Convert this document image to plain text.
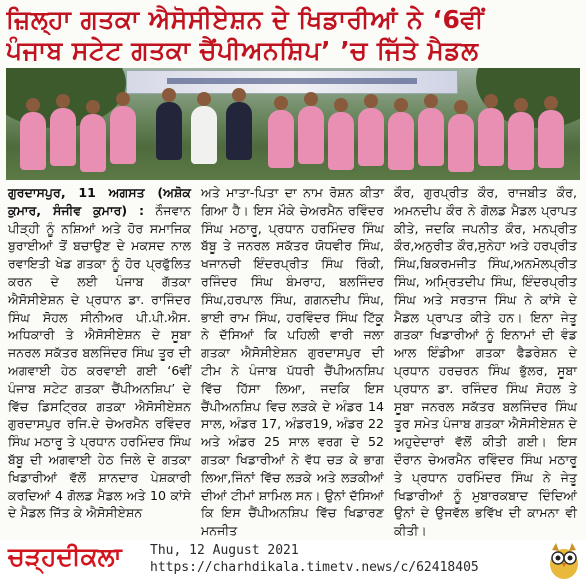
ਜ਼ਿਲ੍ਹਾ ਗਤਕਾ ਐਸੋਸੀਏਸ਼ਨ ਦੇ ਖਿਡਾਰੀਆਂ ਨੇ ‘6ਵੀਂ
ਪੰਜਾਬ ਸਟੇਟ ਗਤਕਾ ਚੈਂਪੀਅਨਸ਼ਿਪ’ ’ਚ ਜਿੱਤੇ ਮੈਡਲ
ਗੁਰਦਾਸਪੁਰ, 11 ਅਗਸਤ (ਅਸ਼ੋਕ ਕੁਮਾਰ, ਸੰਜੀਵ ਕੁਮਾਰ) : ਨੌਜਵਾਨ ਪੀੜ੍ਹੀ ਨੂੰ ਨਸ਼ਿਆਂ ਅਤੇ ਹੋਰ ਸਮਾਜਿਕ ਬੁਰਾਈਆਂ ਤੋਂ ਬਚਾਉਣ ਦੇ ਮਕਸਦ ਨਾਲ ਰਵਾਇਤੀ ਖੇਡ ਗਤਕਾ ਨੂੰ ਹੋਰ ਪ੍ਰਫੁੱਲਿਤ ਕਰਨ ਦੇ ਲਈ ਪੰਜਾਬ ਗੱਤਕਾ ਐਸੋਸੀਏਸ਼ਨ ਦੇ ਪ੍ਰਧਾਨ ਡਾ. ਰਾਜਿੰਦਰ ਸਿੰਘ ਸੋਹਲ ਸੀਨੀਅਰ ਪੀ.ਪੀ.ਐਸ. ਅਧਿਕਾਰੀ ਤੇ ਐਸੋਸੀਏਸ਼ਨ ਦੇ ਸੂਬਾ ਜਨਰਲ ਸਕੱਤਰ ਬਲਜਿੰਦਰ ਸਿੰਘ ਤੂਰ ਦੀ ਅਗਵਾਈ ਹੇਠ ਕਰਵਾਈ ਗਈ ‘6ਵੀਂ ਪੰਜਾਬ ਸਟੇਟ ਗਤਕਾ ਚੈਂਪੀਅਨਸ਼ਿਪ’ ਦੇ ਵਿੱਚ ਡਿਸਟ੍ਰਿਕ ਗਤਕਾ ਐਸੋਸੀਏਸ਼ਨ ਗੁਰਦਾਸਪੁਰ ਰਜਿ.ਦੇ ਚੇਅਰਮੈਨ ਰਵਿੰਦਰ ਸਿੰਘ ਮਠਾਰੂ ਤੇ ਪ੍ਰਧਾਨ ਹਰਮਿੰਦਰ ਸਿੰਘ ਬੱਬੂ ਦੀ ਅਗਵਾਈ ਹੇਠ ਜਿਲੇ ਦੇ ਗਤਕਾ ਖਿਡਾਰੀਆਂ ਵੱਲੋਂ ਸ਼ਾਨਦਾਰ ਪੇਸ਼ਕਾਰੀ ਕਰਦਿਆਂ 4 ਗੋਲਡ ਮੈਡਲ ਅਤੇ 10 ਕਾਂਸੇ ਦੇ ਮੈਡਲ ਜਿੱਤ ਕੇ ਐਸੋਸੀਏਸ਼ਨ
ਅਤੇ ਮਾਤਾ-ਪਿਤਾ ਦਾ ਨਾਮ ਰੋਸ਼ਨ ਕੀਤਾ ਗਿਆ ਹੈ। ਇਸ ਮੌਕੇ ਚੇਅਰਮੈਨ ਰਵਿੰਦਰ ਸਿੰਘ ਮਠਾਰੂ, ਪ੍ਰਧਾਨ ਹਰਮਿੰਦਰ ਸਿੰਘ ਬੱਬੂ ਤੇ ਜਨਰਲ ਸਕੱਤਰ ਯੋਧਵੀਰ ਸਿੰਘ, ਖਜਾਨਚੀ ਇੰਦਰਪ੍ਰੀਤ ਸਿੰਘ ਰਿੰਕੀ, ਰਜਿੰਦਰ ਸਿੰਘ ਬੰਮਰਾਹ, ਬਲਜਿੰਦਰ ਸਿੰਘ,ਹਰਪਾਲ ਸਿੰਘ, ਗਗਨਦੀਪ ਸਿੰਘ, ਭਾਈ ਰਾਮ ਸਿੰਘ, ਹਰਵਿੰਦਰ ਸਿੰਘ ਟਿੱਕੂ ਨੇ ਦੱਸਿਆਂ ਕਿ ਪਹਿਲੀ ਵਾਰੀ ਜਲਾ ਗਤਕਾ ਐਸੋਸੀਏਸ਼ਨ ਗੁਰਦਾਸਪੁਰ ਦੀ ਟੀਮ ਨੇ ਪੰਜਾਬ ਪੱਧਰੀ ਚੈਂਪੀਅਨਸ਼ਿਪ ਵਿੱਚ ਹਿੱਸਾ ਲਿਆ, ਜਦਕਿ ਇਸ ਚੈਂਪੀਅਨਸ਼ਿਪ ਵਿਚ ਲੜਕੇ ਦੇ ਅੰਡਰ 14 ਸਾਲ, ਅੰਡਰ 17, ਅੰਡਰ19, ਅੰਡਰ 22 ਅਤੇ ਅੰਡਰ 25 ਸਾਲ ਵਰਗ ਦੇ 52 ਗਤਕਾ ਖਿਡਾਰੀਆਂ ਨੇ ਵੱਧ ਚੜ ਕੇ ਭਾਗ ਲਿਆ,ਜਿੰਨਾਂ ਵਿੱਚ ਲੜਕੇ ਅਤੇ ਲੜਕੀਆਂ ਦੀਆਂ ਟੀਮਾਂ ਸ਼ਾਮਿਲ ਸਨ। ਉਨਾਂ ਦੱਸਿਆਂ ਕਿ ਇਸ ਚੈਂਪੀਅਨਸ਼ਿਪ ਵਿੱਚ ਖਿਡਾਰਣ ਮਨਜੀਤ
ਕੌਰ, ਗੁਰਪ੍ਰੀਤ ਕੌਰ, ਰਾਜਬੀਤ ਕੌਰ, ਅਮਨਦੀਪ ਕੌਰ ਨੇ ਗੋਲਡ ਮੈਡਲ ਪ੍ਰਾਪਤ ਕੀਤੇ, ਜਦਕਿ ਜਪਨੀਤ ਕੌਰ, ਮਨਪ੍ਰੀਤ ਕੌਰ,ਅਨੁਰੀਤ ਕੌਰ,ਸੁਨੇਹਾ ਅਤੇ ਹਰਪ੍ਰੀਤ ਸਿੰਘ,ਬਿਕਰਮਜੀਤ ਸਿੰਘ,ਅਨਮੋਲਪ੍ਰੀਤ ਸਿੰਘ, ਅਮ੍ਰਿਤਦੀਪ ਸਿੰਘ, ਇੰਦਰਪ੍ਰੀਤ ਸਿੰਘ ਅਤੇ ਸਰਤਾਜ ਸਿੰਘ ਨੇ ਕਾਂਸੇ ਦੇ ਮੈਡਲ ਪ੍ਰਾਪਤ ਕੀਤੇ ਹਨ। ਇਨਾ ਜੇਤੂ ਗਤਕਾ ਖਿਡਾਰੀਆਂ ਨੂੰ ਇਨਾਮਾਂ ਦੀ ਵੰਡ ਆਲ ਇੰਡੀਆ ਗਤਕਾ ਫੈਡਰੇਸ਼ਨ ਦੇ ਪ੍ਰਧਾਨ ਹਰਚਰਨ ਸਿੰਘ ਭੁੱਲਰ, ਸੂਬਾ ਪ੍ਰਧਾਨ ਡਾ. ਰਜਿੰਦਰ ਸਿੰਘ ਸੋਹਲ ਤੇ ਸੂਬਾ ਜਨਰਲ ਸਕੱਤਰ ਬਲਜਿੰਦਰ ਸਿੰਘ ਤੂਰ ਸਮੇਤ ਪੰਜਾਬ ਗਤਕਾ ਐਸੋਸੀਏਸ਼ਨ ਦੇ ਅਹੁਦੇਦਾਰਾਂ ਵੱਲੋਂ ਕੀਤੀ ਗਈ। ਇਸ ਦੌਰਾਨ ਚੇਅਰਮੈਨ ਰਵਿੰਦਰ ਸਿੰਘ ਮਠਾਰੂ ਤੇ ਪ੍ਰਧਾਨ ਹਰਮਿੰਦਰ ਸਿੰਘ ਨੇ ਜੇਤੂ ਖਿਡਾਰੀਆਂ ਨੂੰ ਮੁਬਾਰਕਬਾਦ ਦਿੰਦਿਆਂ ਉਨਾਂ ਦੇ ਉਜਵੱਲ ਭਵਿੱਖ ਦੀ ਕਾਮਨਾ ਵੀ ਕੀਤੀ।
ਚੜ੍ਹਦੀਕਲਾ Thu, 12 August 2021
https://charhdikala.timetv.news/c/62418405
